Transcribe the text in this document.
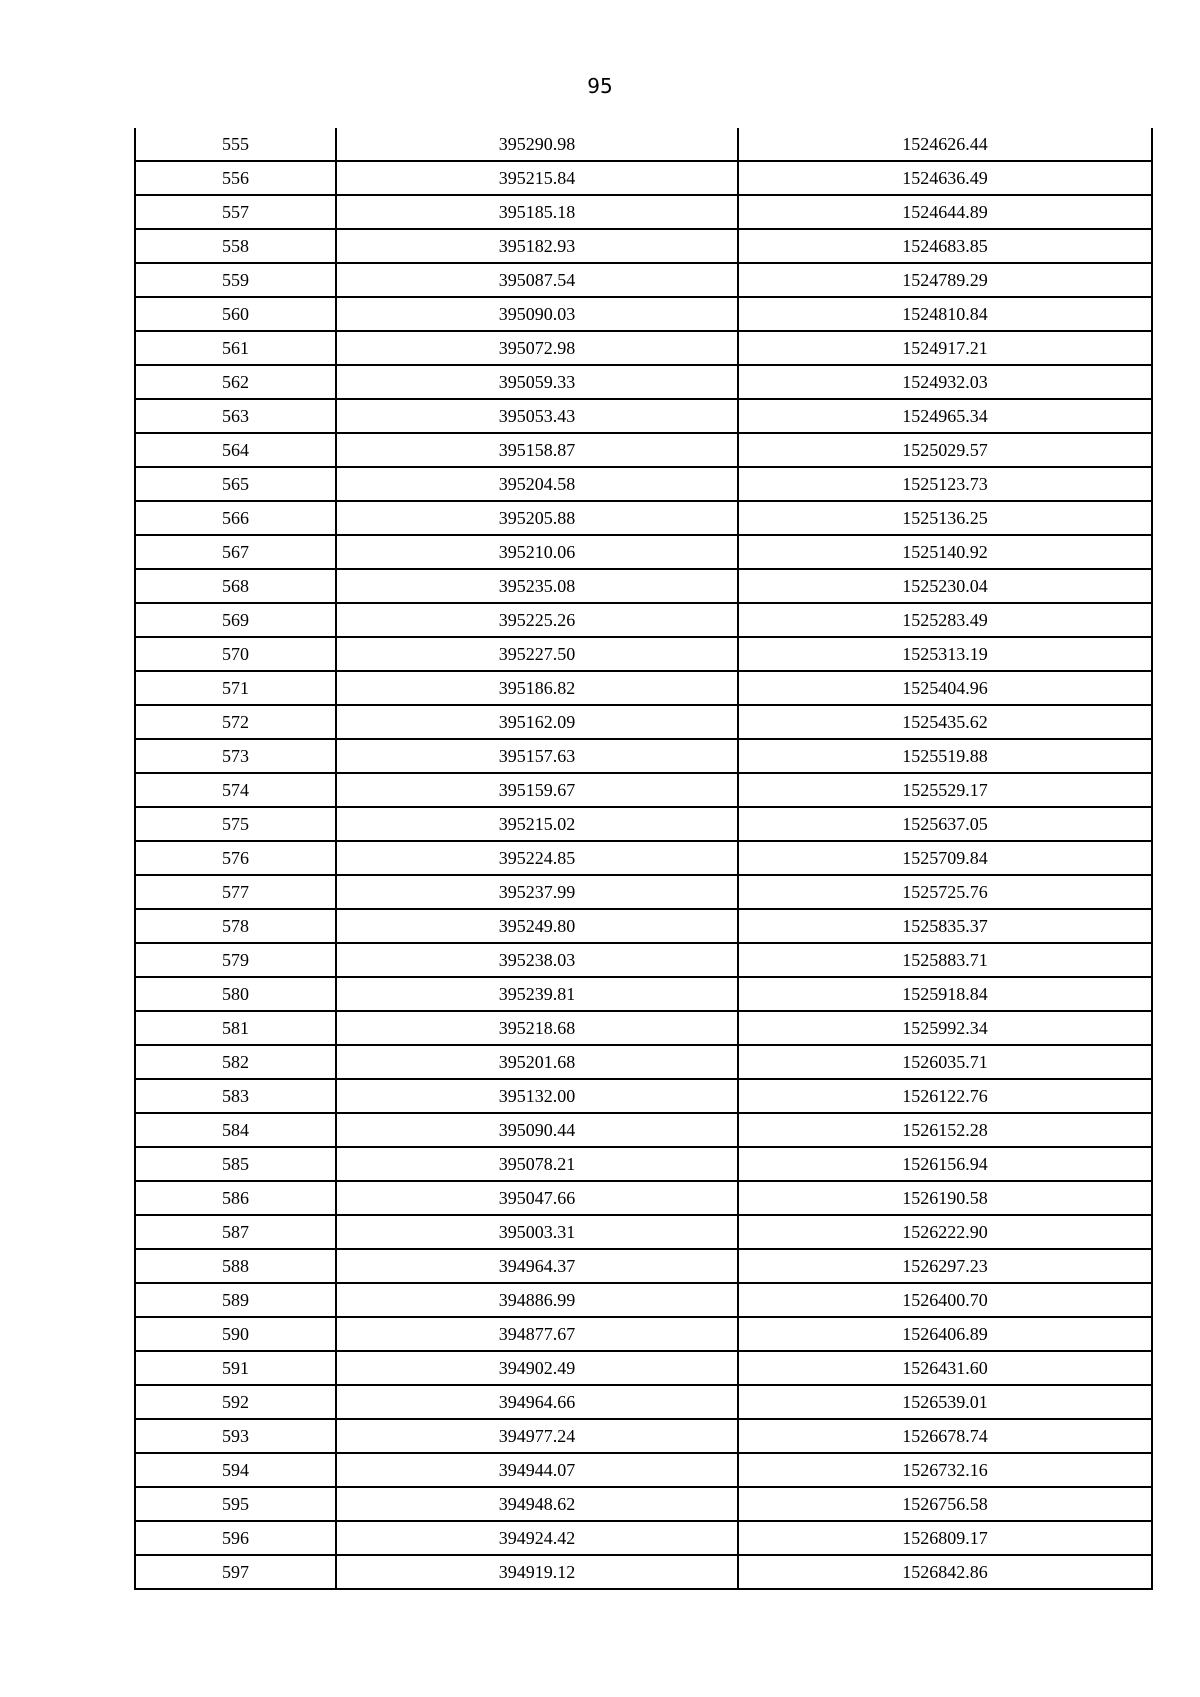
95
555	395290.98	1524626.44
556	395215.84	1524636.49
557	395185.18	1524644.89
558	395182.93	1524683.85
559	395087.54	1524789.29
560	395090.03	1524810.84
561	395072.98	1524917.21
562	395059.33	1524932.03
563	395053.43	1524965.34
564	395158.87	1525029.57
565	395204.58	1525123.73
566	395205.88	1525136.25
567	395210.06	1525140.92
568	395235.08	1525230.04
569	395225.26	1525283.49
570	395227.50	1525313.19
571	395186.82	1525404.96
572	395162.09	1525435.62
573	395157.63	1525519.88
574	395159.67	1525529.17
575	395215.02	1525637.05
576	395224.85	1525709.84
577	395237.99	1525725.76
578	395249.80	1525835.37
579	395238.03	1525883.71
580	395239.81	1525918.84
581	395218.68	1525992.34
582	395201.68	1526035.71
583	395132.00	1526122.76
584	395090.44	1526152.28
585	395078.21	1526156.94
586	395047.66	1526190.58
587	395003.31	1526222.90
588	394964.37	1526297.23
589	394886.99	1526400.70
590	394877.67	1526406.89
591	394902.49	1526431.60
592	394964.66	1526539.01
593	394977.24	1526678.74
594	394944.07	1526732.16
595	394948.62	1526756.58
596	394924.42	1526809.17
597	394919.12	1526842.86
